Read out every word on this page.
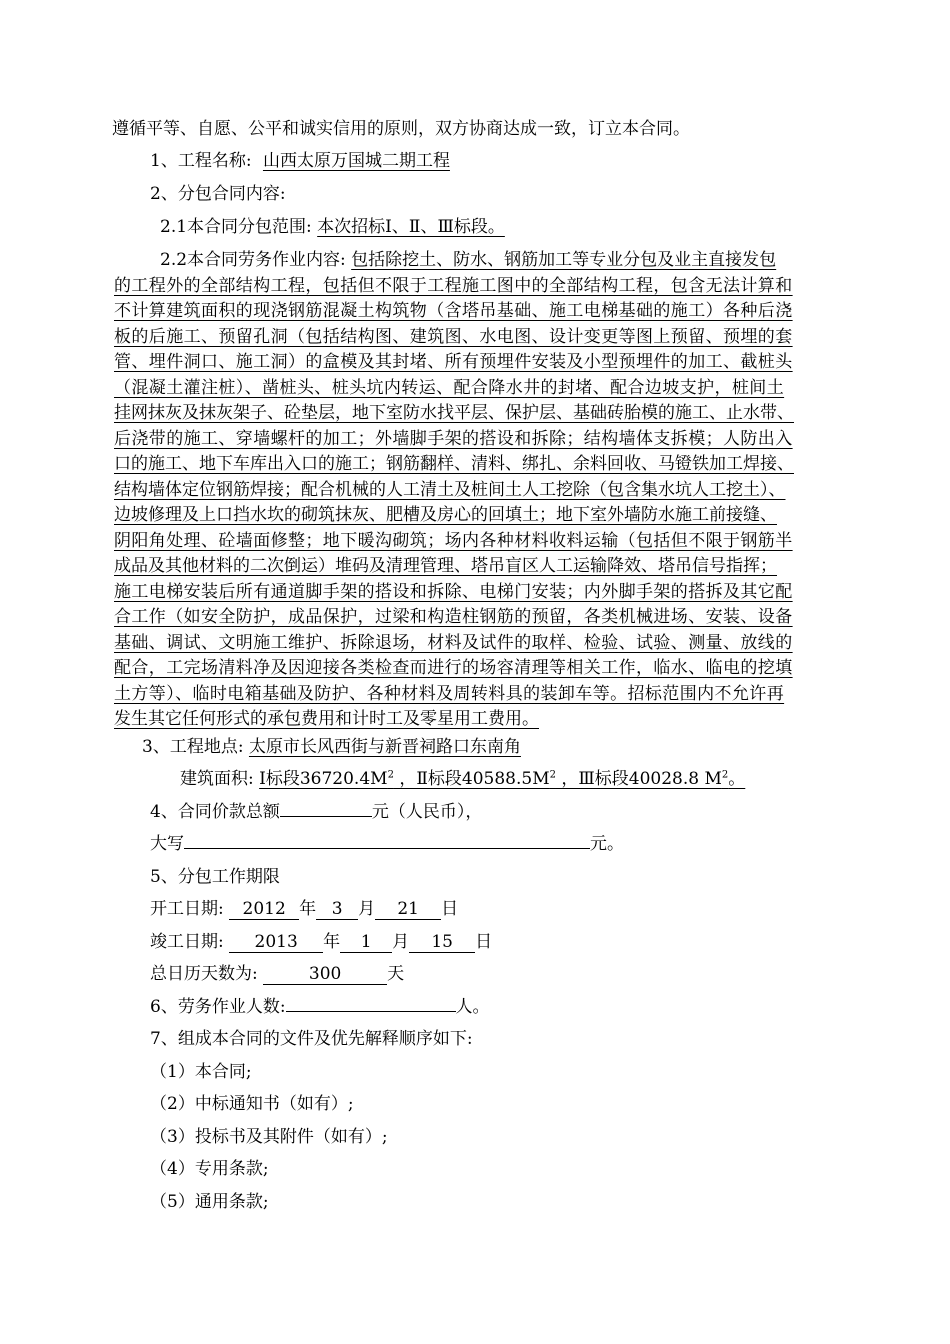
遵循平等、自愿、公平和诚实信用的原则，双方协商达成一致，订立本合同。
1、工程名称: 山西太原万国城二期工程
2、分包合同内容:
2.1本合同分包范围: 本次招标Ⅰ、Ⅱ、Ⅲ标段。
2.2本合同劳务作业内容: 包括除挖土、防水、钢筋加工等专业分包及业主直接发包
的工程外的全部结构工程，包括但不限于工程施工图中的全部结构工程，包含无法计算和
不计算建筑面积的现浇钢筋混凝土构筑物（含塔吊基础、施工电梯基础的施工）各种后浇
板的后施工、预留孔洞（包括结构图、建筑图、水电图、设计变更等图上预留、预埋的套
管、埋件洞口、施工洞）的盒模及其封堵、所有预埋件安装及小型预埋件的加工、截桩头
（混凝土灌注桩）、凿桩头、桩头坑内转运、配合降水井的封堵、配合边坡支护，桩间土
挂网抹灰及抹灰架子、砼垫层，地下室防水找平层、保护层、基础砖胎模的施工、止水带、
后浇带的施工、穿墙螺杆的加工；外墙脚手架的搭设和拆除；结构墙体支拆模；人防出入
口的施工、地下车库出入口的施工；钢筋翻样、清料、绑扎、余料回收、马镫铁加工焊接、
结构墙体定位钢筋焊接；配合机械的人工清土及桩间土人工挖除（包含集水坑人工挖土）、
边坡修理及上口挡水坎的砌筑抹灰、肥槽及房心的回填土；地下室外墙防水施工前接缝、
阴阳角处理、砼墙面修整；地下暖沟砌筑；场内各种材料收料运输（包括但不限于钢筋半
成品及其他材料的二次倒运）堆码及清理管理、塔吊盲区人工运输降效、塔吊信号指挥；
施工电梯安装后所有通道脚手架的搭设和拆除、电梯门安装；内外脚手架的搭拆及其它配
合工作（如安全防护，成品保护，过梁和构造柱钢筋的预留，各类机械进场、安装、设备
基础、调试、文明施工维护、拆除退场，材料及试件的取样、检验、试验、测量、放线的
配合，工完场清料净及因迎接各类检查而进行的场容清理等相关工作，临水、临电的挖填
土方等）、临时电箱基础及防护、各种材料及周转料具的装卸车等。招标范围内不允许再
发生其它任何形式的承包费用和计时工及零星用工费用。
3、工程地点: 太原市长风西街与新晋祠路口东南角
建筑面积: Ⅰ标段$36720.4M^2$ ，Ⅱ标段$40588.5M^2$ ，Ⅲ标段40028.8 $M^2$。
4、合同价款总额	元（人民币），
大写	元。
5、分包工作期限
开工日期: 2012 年 3 月 21 日
竣工日期: 2013 年 1 月 15 日
总日历天数为:	300	天
6、劳务作业人数:	人。
7、组成本合同的文件及优先解释顺序如下:
（1）本合同;
（2）中标通知书（如有）;
（3）投标书及其附件（如有）;
（4）专用条款;
（5）通用条款;
